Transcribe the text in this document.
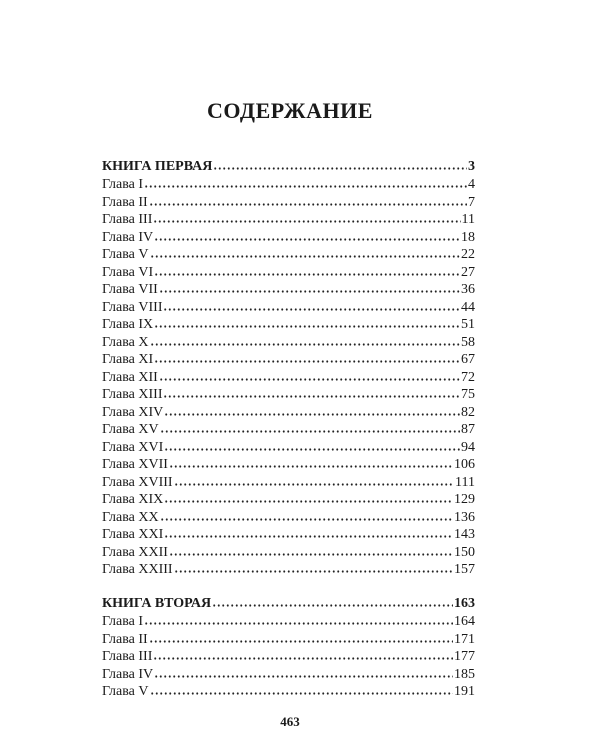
СОДЕРЖАНИЕ
КНИГА ПЕРВАЯ	3
Глава I	4
Глава II	7
Глава III	11
Глава IV	18
Глава V	22
Глава VI	27
Глава VII	36
Глава VIII	44
Глава IX	51
Глава X	58
Глава XI	67
Глава XII	72
Глава XIII	75
Глава XIV	82
Глава XV	87
Глава XVI	94
Глава XVII	106
Глава XVIII	111
Глава XIX	129
Глава XX	136
Глава XXI	143
Глава XXII	150
Глава XXIII	157
КНИГА ВТОРАЯ	163
Глава I	164
Глава II	171
Глава III	177
Глава IV	185
Глава V	191
463
